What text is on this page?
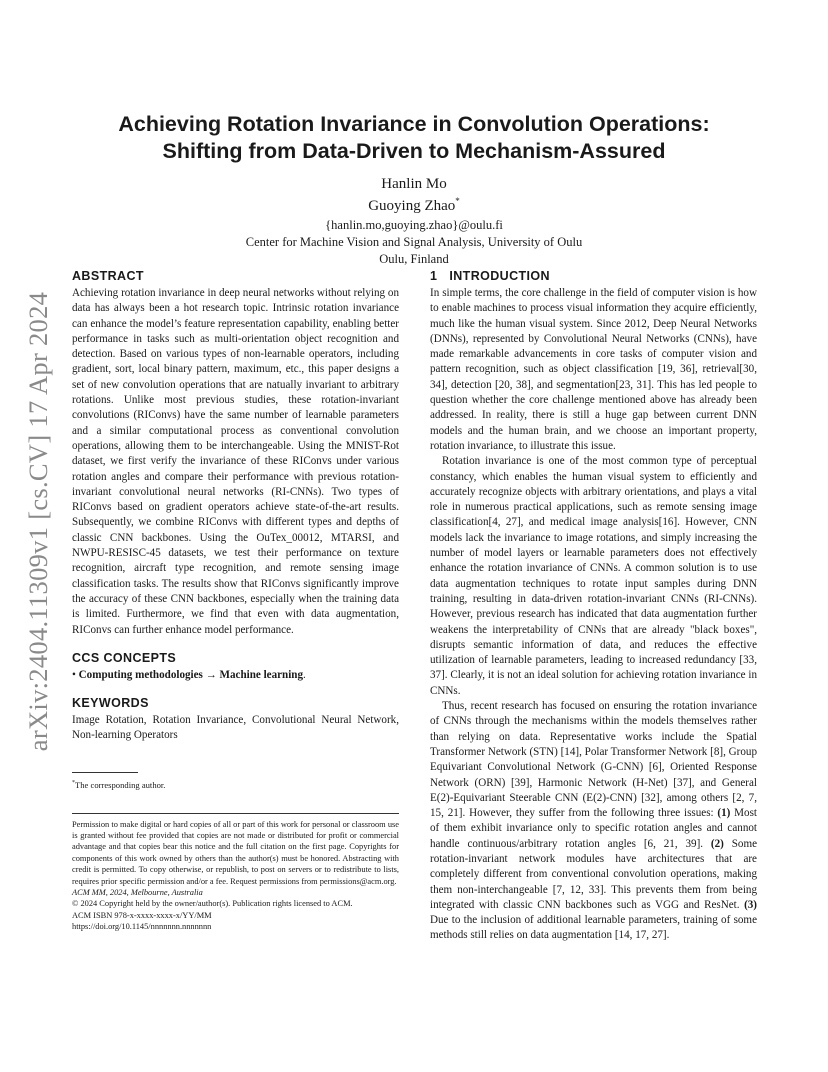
arXiv:2404.11309v1 [cs.CV] 17 Apr 2024
Achieving Rotation Invariance in Convolution Operations:
Shifting from Data-Driven to Mechanism-Assured
Hanlin Mo
Guoying Zhao*
{hanlin.mo,guoying.zhao}@oulu.fi
Center for Machine Vision and Signal Analysis, University of Oulu
Oulu, Finland
ABSTRACT

Achieving rotation invariance in deep neural networks without relying on data has always been a hot research topic. Intrinsic rotation invariance can enhance the model’s feature representation capability, enabling better performance in tasks such as multi-orientation object recognition and detection. Based on various types of non-learnable operators, including gradient, sort, local binary pattern, maximum, etc., this paper designs a set of new convolution operations that are natually invariant to arbitrary rotations. Unlike most previous studies, these rotation-invariant convolutions (RIConvs) have the same number of learnable parameters and a similar computational process as conventional convolution operations, allowing them to be interchangeable. Using the MNIST-Rot dataset, we first verify the invariance of these RIConvs under various rotation angles and compare their performance with previous rotation-invariant convolutional neural networks (RI-CNNs). Two types of RIConvs based on gradient operators achieve state-of-the-art results. Subsequently, we combine RIConvs with different types and depths of classic CNN backbones. Using the OuTex_00012, MTARSI, and NWPU-RESISC-45 datasets, we test their performance on texture recognition, aircraft type recognition, and remote sensing image classification tasks. The results show that RIConvs significantly improve the accuracy of these CNN backbones, especially when the training data is limited. Furthermore, we find that even with data augmentation, RIConvs can further enhance model performance.

CCS CONCEPTS
• Computing methodologies → Machine learning.
KEYWORDS

Image Rotation, Rotation Invariance, Convolutional Neural Network, Non-learning Operators

*The corresponding author.
Permission to make digital or hard copies of all or part of this work for personal or classroom use is granted without fee provided that copies are not made or distributed for profit or commercial advantage and that copies bear this notice and the full citation on the first page. Copyrights for components of this work owned by others than the author(s) must be honored. Abstracting with credit is permitted. To copy otherwise, or republish, to post on servers or to redistribute to lists, requires prior specific permission and/or a fee. Request permissions from permissions@acm.org.
ACM MM, 2024, Melbourne, Australia
© 2024 Copyright held by the owner/author(s). Publication rights licensed to ACM.
ACM ISBN 978-x-xxxx-xxxx-x/YY/MM
https://doi.org/10.1145/nnnnnnn.nnnnnnn
1 INTRODUCTION

In simple terms, the core challenge in the field of computer vision is how to enable machines to process visual information they acquire efficiently, much like the human visual system. Since 2012, Deep Neural Networks (DNNs), represented by Convolutional Neural Networks (CNNs), have made remarkable advancements in core tasks of computer vision and pattern recognition, such as object classification [19, 36], retrieval[30, 34], detection [20, 38], and segmentation[23, 31]. This has led people to question whether the core challenge mentioned above has already been addressed. In reality, there is still a huge gap between current DNN models and the human brain, and we choose an important property, rotation invariance, to illustrate this issue.

Rotation invariance is one of the most common type of perceptual constancy, which enables the human visual system to efficiently and accurately recognize objects with arbitrary orientations, and plays a vital role in numerous practical applications, such as remote sensing image classification[4, 27], and medical image analysis[16]. However, CNN models lack the invariance to image rotations, and simply increasing the number of model layers or learnable parameters does not effectively enhance the rotation invariance of CNNs. A common solution is to use data augmentation techniques to rotate input samples during DNN training, resulting in data-driven rotation-invariant CNNs (RI-CNNs). However, previous research has indicated that data augmentation further weakens the interpretability of CNNs that are already "black boxes", disrupts semantic information of data, and reduces the effective utilization of learnable parameters, leading to increased redundancy [33, 37]. Clearly, it is not an ideal solution for achieving rotation invariance in CNNs.

Thus, recent research has focused on ensuring the rotation invariance of CNNs through the mechanisms within the models themselves rather than relying on data. Representative works include the Spatial Transformer Network (STN) [14], Polar Transformer Network [8], Group Equivariant Convolutional Network (G-CNN) [6], Oriented Response Network (ORN) [39], Harmonic Network (H-Net) [37], and General E(2)-Equivariant Steerable CNN (E(2)-CNN) [32], among others [2, 7, 15, 21]. However, they suffer from the following three issues: (1) Most of them exhibit invariance only to specific rotation angles and cannot handle continuous/arbitrary rotation angles [6, 21, 39]. (2) Some rotation-invariant network modules have architectures that are completely different from conventional convolution operations, making them non-interchangeable [7, 12, 33]. This prevents them from being integrated with classic CNN backbones such as VGG and ResNet. (3) Due to the inclusion of additional learnable parameters, training of some methods still relies on data augmentation [14, 17, 27].
